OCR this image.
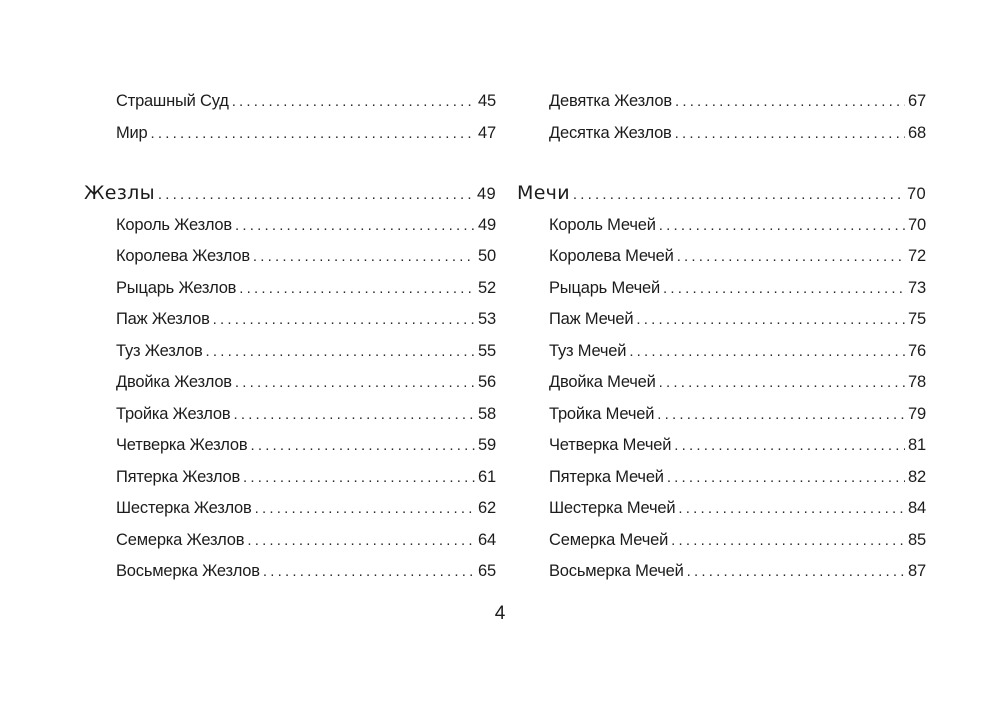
Страшный Суд .....	45
Мир .....	47
Жезлы .....	49
Король Жезлов .....	49
Королева Жезлов .....	50
Рыцарь Жезлов .....	52
Паж Жезлов .....	53
Туз Жезлов .....	55
Двойка Жезлов .....	56
Тройка Жезлов .....	58
Четверка Жезлов .....	59
Пятерка Жезлов .....	61
Шестерка Жезлов .....	62
Семерка Жезлов .....	64
Восьмерка Жезлов .....	65
Девятка Жезлов .....	67
Десятка Жезлов .....	68
Мечи .....	70
Король Мечей .....	70
Королева Мечей .....	72
Рыцарь Мечей .....	73
Паж Мечей .....	75
Туз Мечей .....	76
Двойка Мечей .....	78
Тройка Мечей .....	79
Четверка Мечей .....	81
Пятерка Мечей .....	82
Шестерка Мечей .....	84
Семерка Мечей .....	85
Восьмерка Мечей .....	87
4
